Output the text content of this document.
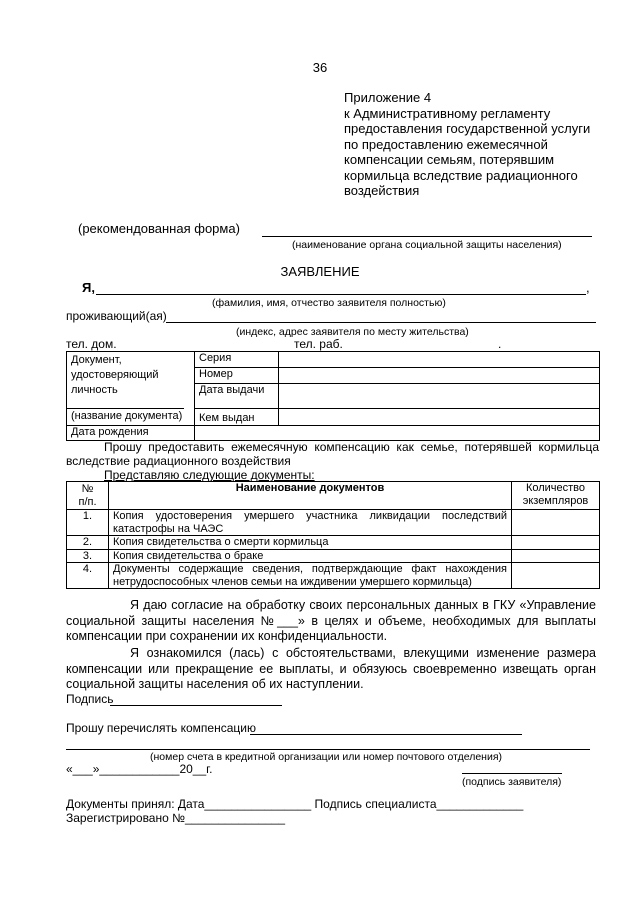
36
Приложение 4
к Административному регламенту
предоставления государственной услуги
по предоставлению ежемесячной
компенсации семьям, потерявшим
кормильца вследствие радиационного
воздействия
(рекомендованная форма)
(наименование органа социальной защиты населения)
ЗАЯВЛЕНИЕ
Я,	,
(фамилия, имя, отчество заявителя полностью)
проживающий(ая)
(индекс, адрес заявителя по месту жительства)
тел. дом.	тел. раб.	.
Документ,
удостоверяющий
личность
(название документа)	Серия	
	Номер	
	Дата выдачи	
	Кем выдан	
Дата рождения		
Прошу предоставить ежемесячную компенсацию как семье, потерявшей кормильца вследствие радиационного воздействия
Представляю следующие документы:
№ п/п.	Наименование документов	Количество экземпляров
1.	Копия удостоверения умершего участника ликвидации последствий катастрофы на ЧАЭС	
2.	Копия свидетельства о смерти кормильца	
3.	Копия свидетельства о браке	
4.	Документы содержащие сведения, подтверждающие факт нахождения нетрудоспособных членов семьи на иждивении умершего кормильца)	
Я даю согласие на обработку своих персональных данных в ГКУ «Управление социальной защиты населения №___» в целях и объеме, необходимых для выплаты компенсации при сохранении их конфиденциальности.
Я ознакомился (лась) с обстоятельствами, влекущими изменение размера компенсации или прекращение ее выплаты, и обязуюсь своевременно извещать орган социальной защиты населения об их наступлении.
Подпись
Прошу перечислять компенсацию
(номер счета в кредитной организации или номер почтового отделения)
«___»____________20__г.
(подпись заявителя)
Документы принял: Дата________________ Подпись специалиста_____________
Зарегистрировано №_______________
